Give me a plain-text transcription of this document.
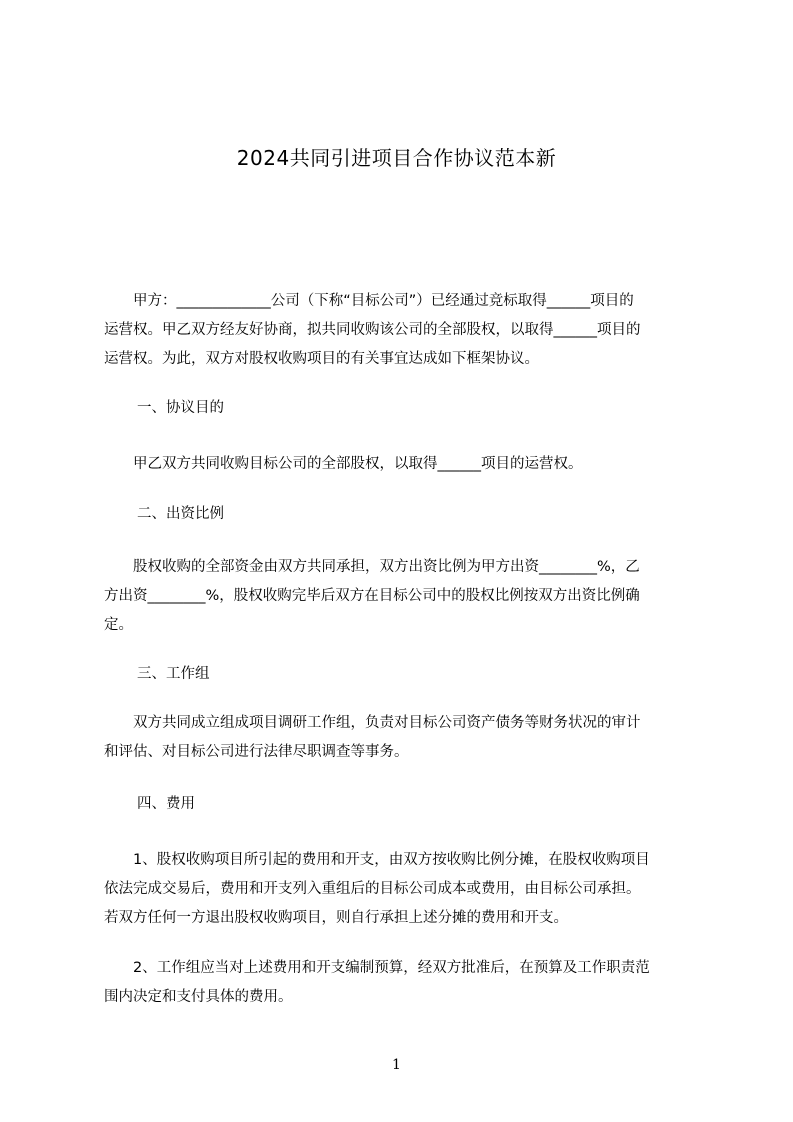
2024共同引进项目合作协议范本新
　　甲方：_____________公司（下称“目标公司”）已经通过竞标取得______项目的
运营权。甲乙双方经友好协商，拟共同收购该公司的全部股权，以取得______项目的
运营权。为此，双方对股权收购项目的有关事宜达成如下框架协议。
一、协议目的
　　甲乙双方共同收购目标公司的全部股权，以取得______项目的运营权。
二、出资比例
　　股权收购的全部资金由双方共同承担，双方出资比例为甲方出资________%，乙
方出资________%，股权收购完毕后双方在目标公司中的股权比例按双方出资比例确
定。
三、工作组
　　双方共同成立组成项目调研工作组，负责对目标公司资产债务等财务状况的审计
和评估、对目标公司进行法律尽职调查等事务。
四、费用
　　1、股权收购项目所引起的费用和开支，由双方按收购比例分摊，在股权收购项目
依法完成交易后，费用和开支列入重组后的目标公司成本或费用，由目标公司承担。
若双方任何一方退出股权收购项目，则自行承担上述分摊的费用和开支。
　　2、工作组应当对上述费用和开支编制预算，经双方批准后，在预算及工作职责范
围内决定和支付具体的费用。
1
